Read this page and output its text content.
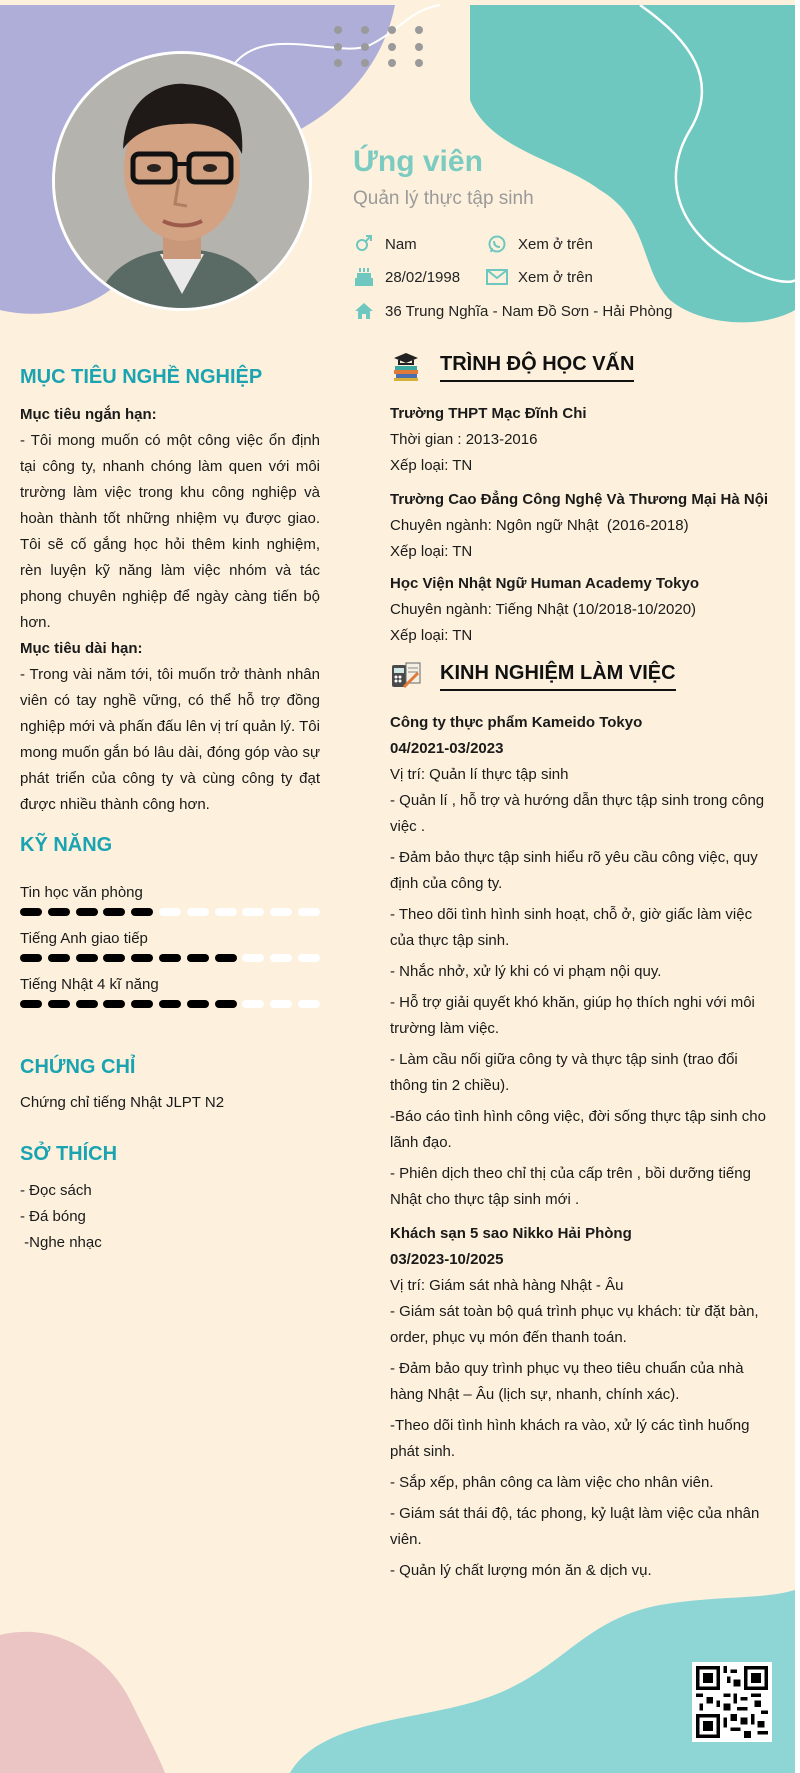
Ứng viên
Quản lý thực tập sinh
Nam	Xem ở trên
28/02/1998	Xem ở trên
36 Trung Nghĩa - Nam Đồ Sơn - Hải Phòng
MỤC TIÊU NGHỀ NGHIỆP

Mục tiêu ngắn hạn:

- Tôi mong muốn có một công việc ổn định tại công ty, nhanh chóng làm quen với môi trường làm việc trong khu công nghiệp và hoàn thành tốt những nhiệm vụ được giao. Tôi sẽ cố gắng học hỏi thêm kinh nghiệm, rèn luyện kỹ năng làm việc nhóm và tác phong chuyên nghiệp để ngày càng tiến bộ hơn.

Mục tiêu dài hạn:

- Trong vài năm tới, tôi muốn trở thành nhân viên có tay nghề vững, có thể hỗ trợ đồng nghiệp mới và phấn đấu lên vị trí quản lý. Tôi mong muốn gắn bó lâu dài, đóng góp vào sự phát triển của công ty và cùng công ty đạt được nhiều thành công hơn.

KỸ NĂNG
Tin học văn phòng
Tiếng Anh giao tiếp
Tiếng Nhật 4 kĩ năng
CHỨNG CHỈ
Chứng chỉ tiếng Nhật JLPT N2
SỞ THÍCH

- Đọc sách

- Đá bóng

-Nghe nhạc

TRÌNH ĐỘ HỌC VẤN

Trường THPT Mạc Đĩnh Chi

Thời gian : 2013-2016

Xếp loại: TN

Trường Cao Đẳng Công Nghệ Và Thương Mại Hà Nội

Chuyên ngành: Ngôn ngữ Nhật  (2016-2018)

Xếp loại: TN

Học Viện Nhật Ngữ Human Academy Tokyo

Chuyên ngành: Tiếng Nhật (10/2018-10/2020)

Xếp loại: TN

KINH NGHIỆM LÀM VIỆC

Công ty thực phẩm Kameido Tokyo

04/2021-03/2023

Vị trí: Quản lí thực tập sinh

- Quản lí , hỗ trợ và hướng dẫn thực tập sinh trong công việc .

- Đảm bảo thực tập sinh hiểu rõ yêu cầu công việc, quy định của công ty.

- Theo dõi tình hình sinh hoạt, chỗ ở, giờ giấc làm việc của thực tập sinh.

- Nhắc nhở, xử lý khi có vi phạm nội quy.

- Hỗ trợ giải quyết khó khăn, giúp họ thích nghi với môi trường làm việc.

- Làm cầu nối giữa công ty và thực tập sinh (trao đổi thông tin 2 chiều).

-Báo cáo tình hình công việc, đời sống thực tập sinh cho lãnh đạo.

- Phiên dịch theo chỉ thị của cấp trên , bồi dưỡng tiếng Nhật cho thực tập sinh mới .

Khách sạn 5 sao Nikko Hải Phòng

03/2023-10/2025

Vị trí: Giám sát nhà hàng Nhật - Âu

- Giám sát toàn bộ quá trình phục vụ khách: từ đặt bàn, order, phục vụ món đến thanh toán.

- Đảm bảo quy trình phục vụ theo tiêu chuẩn của nhà hàng Nhật – Âu (lịch sự, nhanh, chính xác).

-Theo dõi tình hình khách ra vào, xử lý các tình huống phát sinh.

- Sắp xếp, phân công ca làm việc cho nhân viên.

- Giám sát thái độ, tác phong, kỷ luật làm việc của nhân viên.

- Quản lý chất lượng món ăn & dịch vụ.
